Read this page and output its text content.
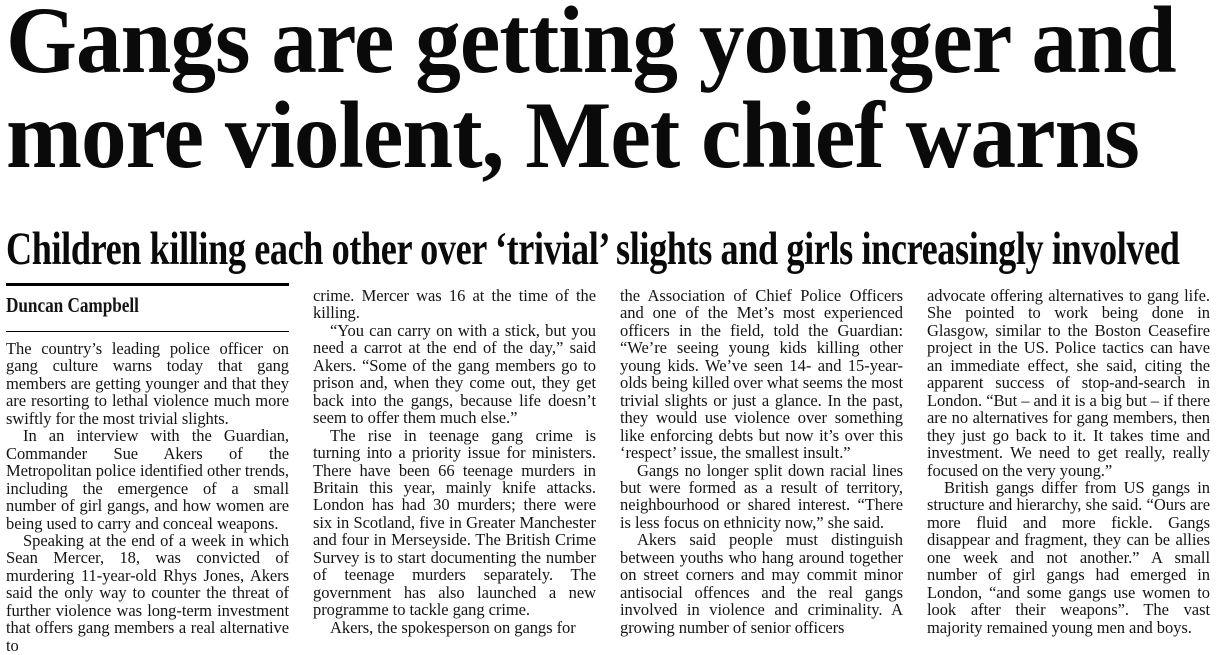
Gangs are getting younger and
more violent, Met chief warns
Children killing each other over ‘trivial’ slights and girls increasingly involved
Duncan Campbell

The country’s leading police officer on gang culture warns today that gang members are getting younger and that they are resorting to lethal violence much more swiftly for the most trivial slights.

In an interview with the Guardian, Commander Sue Akers of the Metropolitan police identified other trends, including the emergence of a small number of girl gangs, and how women are being used to carry and conceal weapons.

Speaking at the end of a week in which Sean Mercer, 18, was convicted of murdering 11-year-old Rhys Jones, Akers said the only way to counter the threat of further violence was long-term investment that offers gang members a real alternative to

crime. Mercer was 16 at the time of the killing.

“You can carry on with a stick, but you need a carrot at the end of the day,” said Akers. “Some of the gang members go to prison and, when they come out, they get back into the gangs, because life doesn’t seem to offer them much else.”

The rise in teenage gang crime is turning into a priority issue for ministers. There have been 66 teenage murders in Britain this year, mainly knife attacks. London has had 30 murders; there were six in Scotland, five in Greater Manchester and four in Merseyside. The British Crime Survey is to start documenting the number of teenage murders separately. The government has also launched a new programme to tackle gang crime.

Akers, the spokesperson on gangs for

the Association of Chief Police Officers and one of the Met’s most experienced officers in the field, told the Guardian: “We’re seeing young kids killing other young kids. We’ve seen 14- and 15-year-olds being killed over what seems the most trivial slights or just a glance. In the past, they would use violence over something like enforcing debts but now it’s over this ‘respect’ issue, the smallest insult.”

Gangs no longer split down racial lines but were formed as a result of territory, neighbourhood or shared interest. “There is less focus on ethnicity now,” she said.

Akers said people must distinguish between youths who hang around together on street corners and may commit minor antisocial offences and the real gangs involved in violence and criminality. A growing number of senior officers

advocate offering alternatives to gang life. She pointed to work being done in Glasgow, similar to the Boston Ceasefire project in the US. Police tactics can have an immediate effect, she said, citing the apparent success of stop-and-search in London. “But – and it is a big but – if there are no alternatives for gang members, then they just go back to it. It takes time and investment. We need to get really, really focused on the very young.”

British gangs differ from US gangs in structure and hierarchy, she said. “Ours are more fluid and more fickle. Gangs disappear and fragment, they can be allies one week and not another.” A small number of girl gangs had emerged in London, “and some gangs use women to look after their weapons”. The vast majority remained young men and boys.
